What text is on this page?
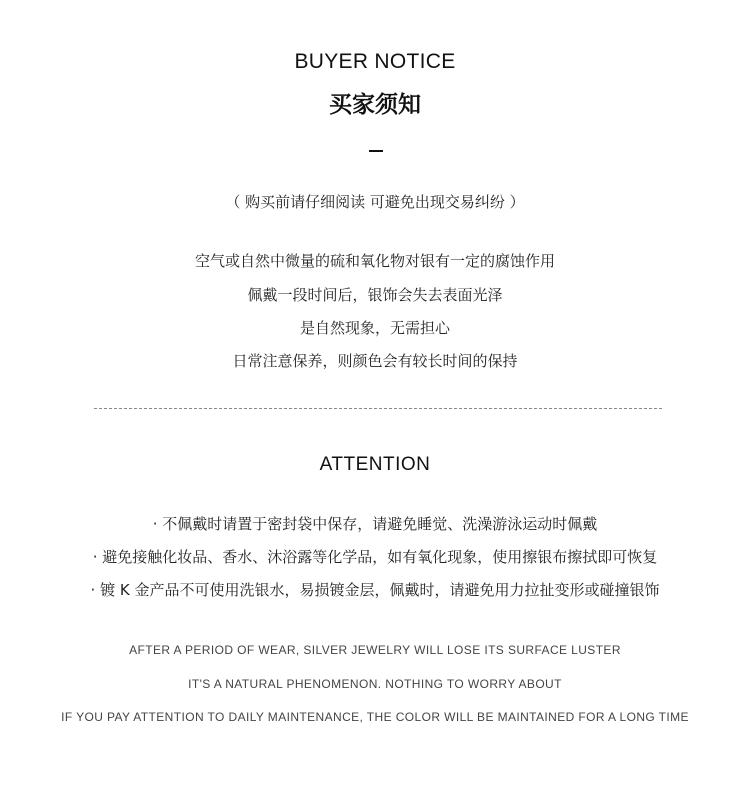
BUYER NOTICE
买家须知
（ 购买前请仔细阅读 可避免出现交易纠纷 ）
空气或自然中微量的硫和氧化物对银有一定的腐蚀作用
佩戴一段时间后，银饰会失去表面光泽
是自然现象，无需担心
日常注意保养，则颜色会有较长时间的保持
ATTENTION
· 不佩戴时请置于密封袋中保存，请避免睡觉、洗澡游泳运动时佩戴
· 避免接触化妆品、香水、沐浴露等化学品，如有氧化现象，使用擦银布擦拭即可恢复
· 镀 K 金产品不可使用洗银水，易损镀金层，佩戴时，请避免用力拉扯变形或碰撞银饰
AFTER A PERIOD OF WEAR, SILVER JEWELRY WILL LOSE ITS SURFACE LUSTER
IT'S A NATURAL PHENOMENON. NOTHING TO WORRY ABOUT
IF YOU PAY ATTENTION TO DAILY MAINTENANCE, THE COLOR WILL BE MAINTAINED FOR A LONG TIME
